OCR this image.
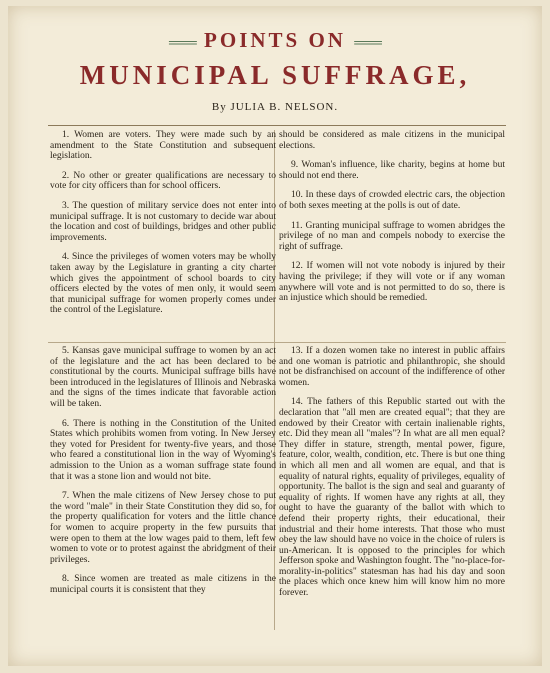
═══ POINTS ON ═══
MUNICIPAL SUFFRAGE,
By JULIA B. NELSON.

1. Women are voters. They were made such by an amendment to the State Constitution and subsequent legislation.

2. No other or greater qualifications are necessary to vote for city officers than for school officers.

3. The question of military service does not enter into municipal suffrage. It is not customary to decide war about the location and cost of buildings, bridges and other public improvements.

4. Since the privileges of women voters may be wholly taken away by the Legislature in granting a city charter which gives the appointment of school boards to city officers elected by the votes of men only, it would seem that municipal suffrage for women properly comes under the control of the Legislature.

should be considered as male citizens in the municipal elections.

9. Woman's influence, like charity, begins at home but should not end there.

10. In these days of crowded electric cars, the objection of both sexes meeting at the polls is out of date.

11. Granting municipal suffrage to women abridges the privilege of no man and compels nobody to exercise the right of suffrage.

12. If women will not vote nobody is injured by their having the privilege; if they will vote or if any woman anywhere will vote and is not permitted to do so, there is an injustice which should be remedied.

5. Kansas gave municipal suffrage to women by an act of the legislature and the act has been declared to be constitutional by the courts. Municipal suffrage bills have been introduced in the legislatures of Illinois and Nebraska and the signs of the times indicate that favorable action will be taken.

6. There is nothing in the Constitution of the United States which prohibits women from voting. In New Jersey they voted for President for twenty-five years, and those who feared a constitutional lion in the way of Wyoming's admission to the Union as a woman suffrage state found that it was a stone lion and would not bite.

7. When the male citizens of New Jersey chose to put the word "male" in their State Constitution they did so, for the property qualification for voters and the little chance for women to acquire property in the few pursuits that were open to them at the low wages paid to them, left few women to vote or to protest against the abridgment of their privileges.

8. Since women are treated as male citizens in the municipal courts it is consistent that they

13. If a dozen women take no interest in public affairs and one woman is patriotic and philanthropic, she should not be disfranchised on account of the indifference of other women.

14. The fathers of this Republic started out with the declaration that "all men are created equal"; that they are endowed by their Creator with certain inalienable rights, etc. Did they mean all "males"? In what are all men equal? They differ in stature, strength, mental power, figure, feature, color, wealth, condition, etc. There is but one thing in which all men and all women are equal, and that is equality of natural rights, equality of privileges, equality of opportunity. The ballot is the sign and seal and guaranty of equality of rights. If women have any rights at all, they ought to have the guaranty of the ballot with which to defend their property rights, their educational, their industrial and their home interests. That those who must obey the law should have no voice in the choice of rulers is un-American. It is opposed to the principles for which Jefferson spoke and Washington fought. The "no-place-for-morality-in-politics" statesman has had his day and soon the places which once knew him will know him no more forever.
